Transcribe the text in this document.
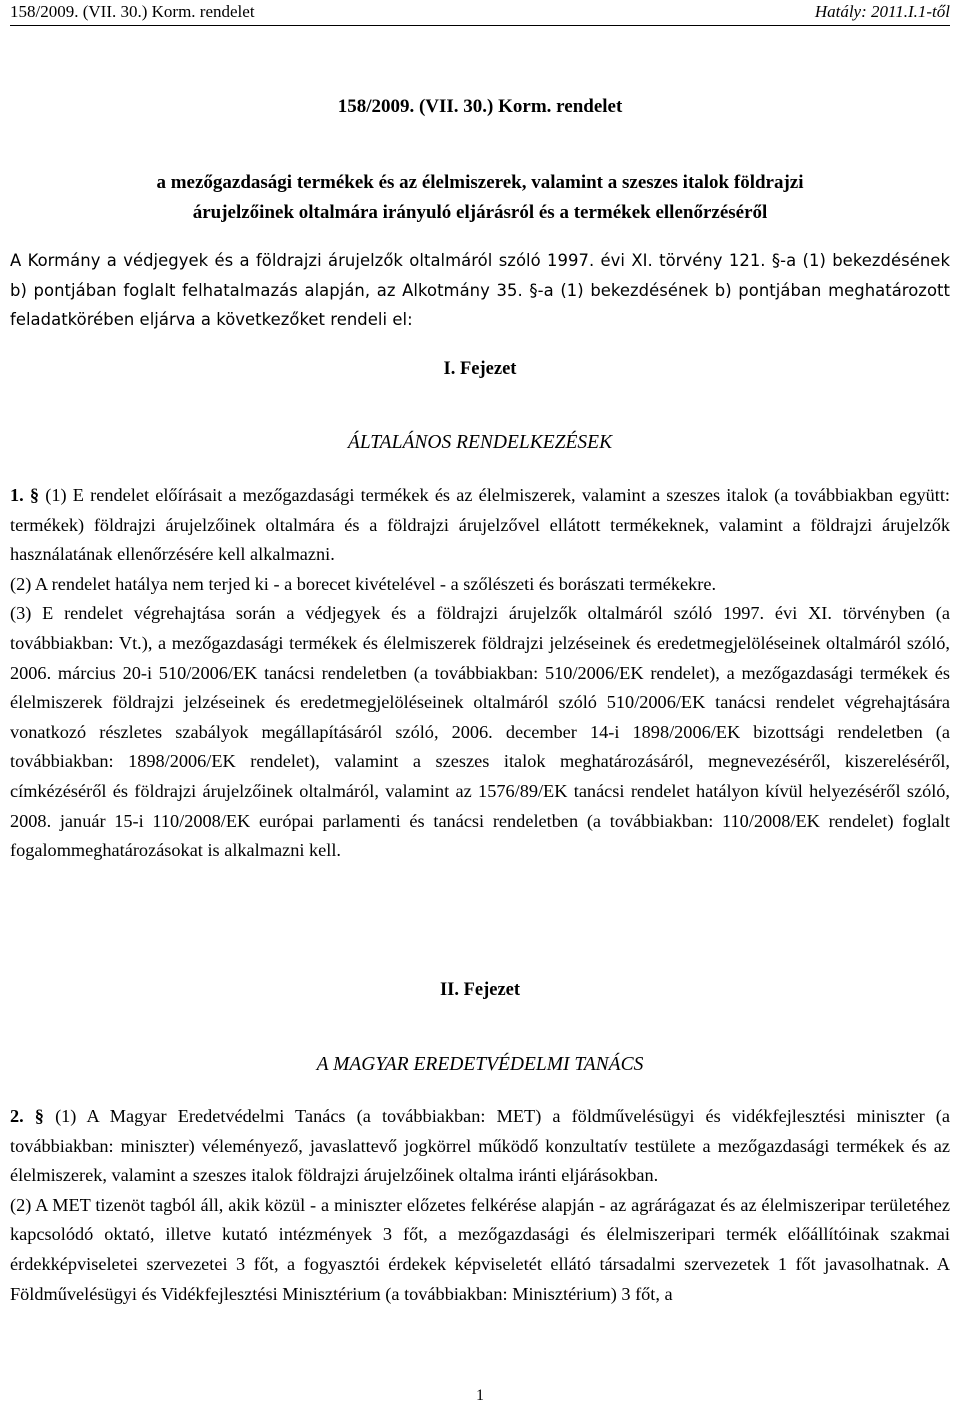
158/2009. (VII. 30.) Korm. rendelet	Hatály: 2011.I.1-től
158/2009. (VII. 30.) Korm. rendelet
a mezőgazdasági termékek és az élelmiszerek, valamint a szeszes italok földrajzi
árujelzőinek oltalmára irányuló eljárásról és a termékek ellenőrzéséről
A Kormány a védjegyek és a földrajzi árujelzők oltalmáról szóló 1997. évi XI. törvény 121. §-a (1) bekezdésének b) pontjában foglalt felhatalmazás alapján, az Alkotmány 35. §-a (1) bekezdésének b) pontjában meghatározott feladatkörében eljárva a következőket rendeli el:
I. Fejezet
ÁLTALÁNOS RENDELKEZÉSEK

1. § (1) E rendelet előírásait a mezőgazdasági termékek és az élelmiszerek, valamint a szeszes italok (a továbbiakban együtt: termékek) földrajzi árujelzőinek oltalmára és a földrajzi árujelzővel ellátott termékeknek, valamint a földrajzi árujelzők használatának ellenőrzésére kell alkalmazni.

(2) A rendelet hatálya nem terjed ki - a borecet kivételével - a szőlészeti és borászati termékekre.

(3) E rendelet végrehajtása során a védjegyek és a földrajzi árujelzők oltalmáról szóló 1997. évi XI. törvényben (a továbbiakban: Vt.), a mezőgazdasági termékek és élelmiszerek földrajzi jelzéseinek és eredetmegjelöléseinek oltalmáról szóló, 2006. március 20-i 510/2006/EK tanácsi rendeletben (a továbbiakban: 510/2006/EK rendelet), a mezőgazdasági termékek és élelmiszerek földrajzi jelzéseinek és eredetmegjelöléseinek oltalmáról szóló 510/2006/EK tanácsi rendelet végrehajtására vonatkozó részletes szabályok megállapításáról szóló, 2006. december 14-i 1898/2006/EK bizottsági rendeletben (a továbbiakban: 1898/2006/EK rendelet), valamint a szeszes italok meghatározásáról, megnevezéséről, kiszereléséről, címkézéséről és földrajzi árujelzőinek oltalmáról, valamint az 1576/89/EK tanácsi rendelet hatályon kívül helyezéséről szóló, 2008. január 15-i 110/2008/EK európai parlamenti és tanácsi rendeletben (a továbbiakban: 110/2008/EK rendelet) foglalt fogalommeghatározásokat is alkalmazni kell.

II. Fejezet
A MAGYAR EREDETVÉDELMI TANÁCS

2. § (1) A Magyar Eredetvédelmi Tanács (a továbbiakban: MET) a földművelésügyi és vidékfejlesztési miniszter (a továbbiakban: miniszter) véleményező, javaslattevő jogkörrel működő konzultatív testülete a mezőgazdasági termékek és az élelmiszerek, valamint a szeszes italok földrajzi árujelzőinek oltalma iránti eljárásokban.

(2) A MET tizenöt tagból áll, akik közül - a miniszter előzetes felkérése alapján - az agrárágazat és az élelmiszeripar területéhez kapcsolódó oktató, illetve kutató intézmények 3 főt, a mezőgazdasági és élelmiszeripari termék előállítóinak szakmai érdekképviseletei szervezetei 3 főt, a fogyasztói érdekek képviseletét ellátó társadalmi szervezetek 1 főt javasolhatnak. A Földművelésügyi és Vidékfejlesztési Minisztérium (a továbbiakban: Minisztérium) 3 főt, a

1
